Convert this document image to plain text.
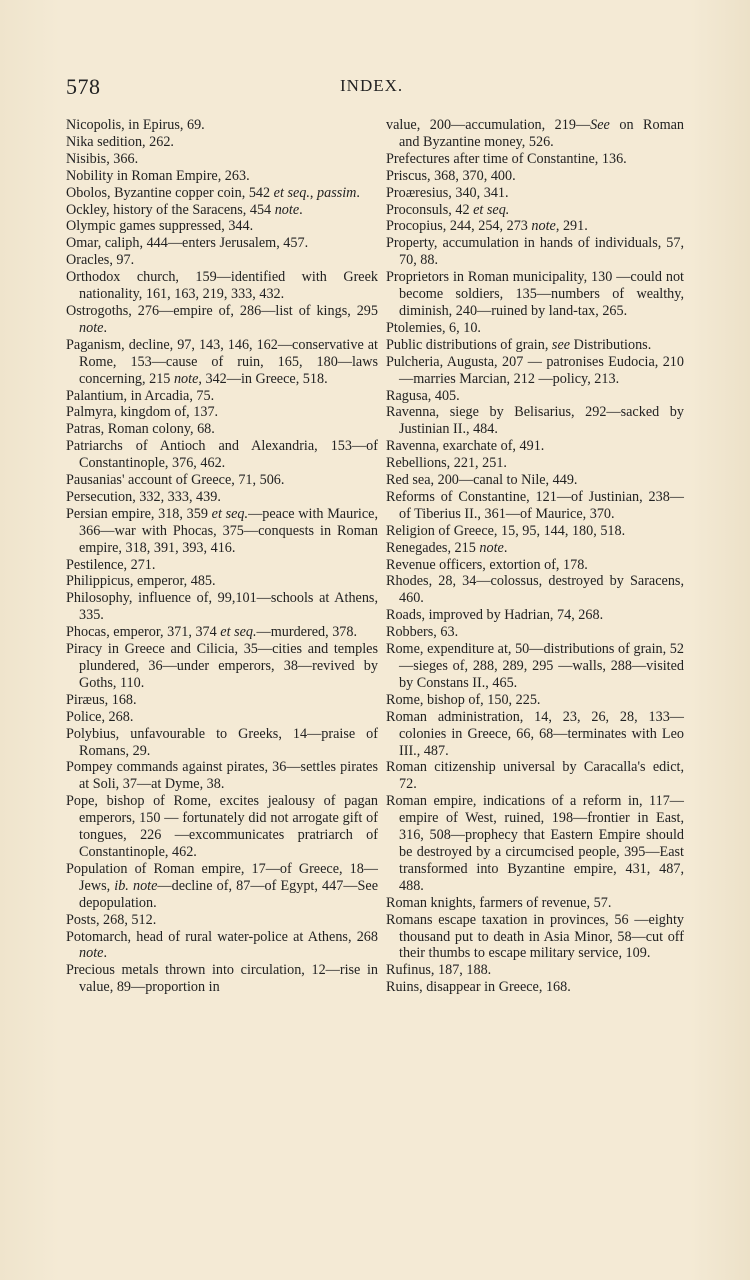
578	INDEX.
Nicopolis, in Epirus, 69.
Nika sedition, 262.
Nisibis, 366.
Nobility in Roman Empire, 263.
Obolos, Byzantine copper coin, 542 et seq., passim.
Ockley, history of the Saracens, 454 note.
Olympic games suppressed, 344.
Omar, caliph, 444—enters Jerusalem, 457.
Oracles, 97.
Orthodox church, 159—identified with Greek nationality, 161, 163, 219, 333, 432.
Ostrogoths, 276—empire of, 286—list of kings, 295 note.
Paganism, decline, 97, 143, 146, 162—conservative at Rome, 153—cause of ruin, 165, 180—laws concerning, 215 note, 342—in Greece, 518.
Palantium, in Arcadia, 75.
Palmyra, kingdom of, 137.
Patras, Roman colony, 68.
Patriarchs of Antioch and Alexandria, 153—of Constantinople, 376, 462.
Pausanias' account of Greece, 71, 506.
Persecution, 332, 333, 439.
Persian empire, 318, 359 et seq.—peace with Maurice, 366—war with Phocas, 375—conquests in Roman empire, 318, 391, 393, 416.
Pestilence, 271.
Philippicus, emperor, 485.
Philosophy, influence of, 99,101—schools at Athens, 335.
Phocas, emperor, 371, 374 et seq.—murdered, 378.
Piracy in Greece and Cilicia, 35—cities and temples plundered, 36—under emperors, 38—revived by Goths, 110.
Piræus, 168.
Police, 268.
Polybius, unfavourable to Greeks, 14—praise of Romans, 29.
Pompey commands against pirates, 36—settles pirates at Soli, 37—at Dyme, 38.
Pope, bishop of Rome, excites jealousy of pagan emperors, 150 — fortunately did not arrogate gift of tongues, 226 —excommunicates pratriarch of Constantinople, 462.
Population of Roman empire, 17—of Greece, 18—Jews, ib. note—decline of, 87—of Egypt, 447—See depopulation.
Posts, 268, 512.
Potomarch, head of rural water-police at Athens, 268 note.
Precious metals thrown into circulation, 12—rise in value, 89—proportion in
value, 200—accumulation, 219—See on Roman and Byzantine money, 526.
Prefectures after time of Constantine, 136.
Priscus, 368, 370, 400.
Proæresius, 340, 341.
Proconsuls, 42 et seq.
Procopius, 244, 254, 273 note, 291.
Property, accumulation in hands of individuals, 57, 70, 88.
Proprietors in Roman municipality, 130 —could not become soldiers, 135—numbers of wealthy, diminish, 240—ruined by land-tax, 265.
Ptolemies, 6, 10.
Public distributions of grain, see Distributions.
Pulcheria, Augusta, 207 — patronises Eudocia, 210—marries Marcian, 212 —policy, 213.
Ragusa, 405.
Ravenna, siege by Belisarius, 292—sacked by Justinian II., 484.
Ravenna, exarchate of, 491.
Rebellions, 221, 251.
Red sea, 200—canal to Nile, 449.
Reforms of Constantine, 121—of Justinian, 238—of Tiberius II., 361—of Maurice, 370.
Religion of Greece, 15, 95, 144, 180, 518.
Renegades, 215 note.
Revenue officers, extortion of, 178.
Rhodes, 28, 34—colossus, destroyed by Saracens, 460.
Roads, improved by Hadrian, 74, 268.
Robbers, 63.
Rome, expenditure at, 50—distributions of grain, 52—sieges of, 288, 289, 295 —walls, 288—visited by Constans II., 465.
Rome, bishop of, 150, 225.
Roman administration, 14, 23, 26, 28, 133—colonies in Greece, 66, 68—terminates with Leo III., 487.
Roman citizenship universal by Caracalla's edict, 72.
Roman empire, indications of a reform in, 117—empire of West, ruined, 198—frontier in East, 316, 508—prophecy that Eastern Empire should be destroyed by a circumcised people, 395—East transformed into Byzantine empire, 431, 487, 488.
Roman knights, farmers of revenue, 57.
Romans escape taxation in provinces, 56 —eighty thousand put to death in Asia Minor, 58—cut off their thumbs to escape military service, 109.
Rufinus, 187, 188.
Ruins, disappear in Greece, 168.
